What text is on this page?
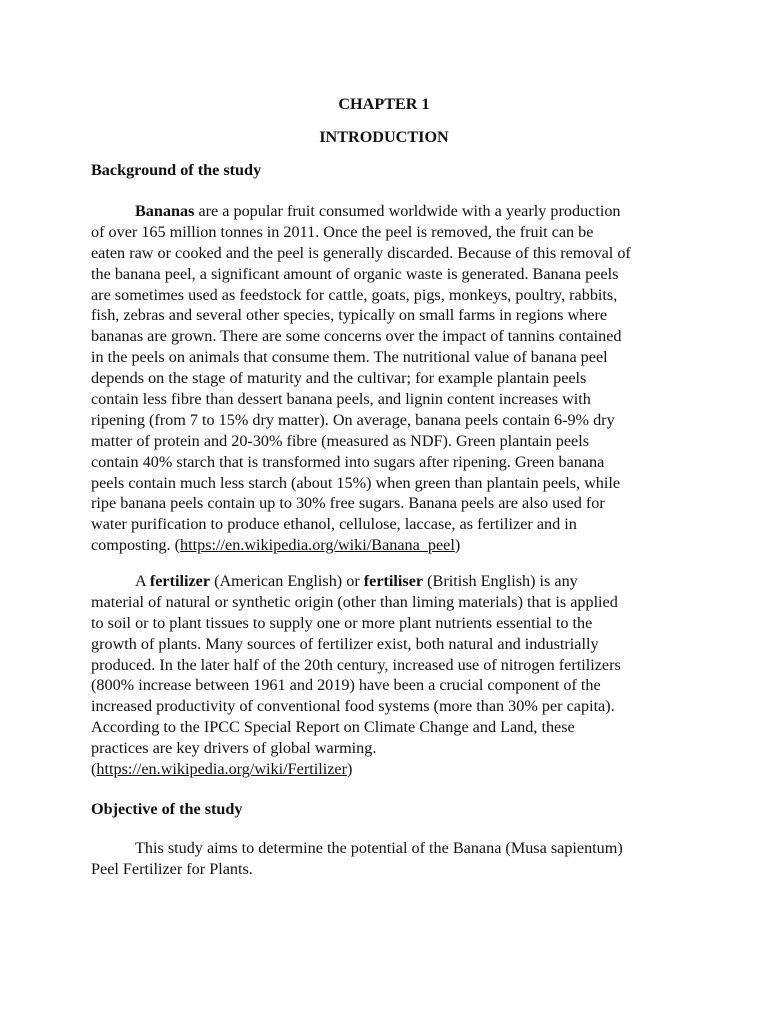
CHAPTER 1
INTRODUCTION
Background of the study
Bananas are a popular fruit consumed worldwide with a yearly production
of over 165 million tonnes in 2011. Once the peel is removed, the fruit can be
eaten raw or cooked and the peel is generally discarded. Because of this removal of
the banana peel, a significant amount of organic waste is generated. Banana peels
are sometimes used as feedstock for cattle, goats, pigs, monkeys, poultry, rabbits,
fish, zebras and several other species, typically on small farms in regions where
bananas are grown. There are some concerns over the impact of tannins contained
in the peels on animals that consume them. The nutritional value of banana peel
depends on the stage of maturity and the cultivar; for example plantain peels
contain less fibre than dessert banana peels, and lignin content increases with
ripening (from 7 to 15% dry matter). On average, banana peels contain 6-9% dry
matter of protein and 20-30% fibre (measured as NDF). Green plantain peels
contain 40% starch that is transformed into sugars after ripening. Green banana
peels contain much less starch (about 15%) when green than plantain peels, while
ripe banana peels contain up to 30% free sugars. Banana peels are also used for
water purification to produce ethanol, cellulose, laccase, as fertilizer and in
composting. (https://en.wikipedia.org/wiki/Banana_peel)
A fertilizer (American English) or fertiliser (British English) is any
material of natural or synthetic origin (other than liming materials) that is applied
to soil or to plant tissues to supply one or more plant nutrients essential to the
growth of plants. Many sources of fertilizer exist, both natural and industrially
produced. In the later half of the 20th century, increased use of nitrogen fertilizers
(800% increase between 1961 and 2019) have been a crucial component of the
increased productivity of conventional food systems (more than 30% per capita).
According to the IPCC Special Report on Climate Change and Land, these
practices are key drivers of global warming.
(https://en.wikipedia.org/wiki/Fertilizer)
Objective of the study
This study aims to determine the potential of the Banana (Musa sapientum)
Peel Fertilizer for Plants.
